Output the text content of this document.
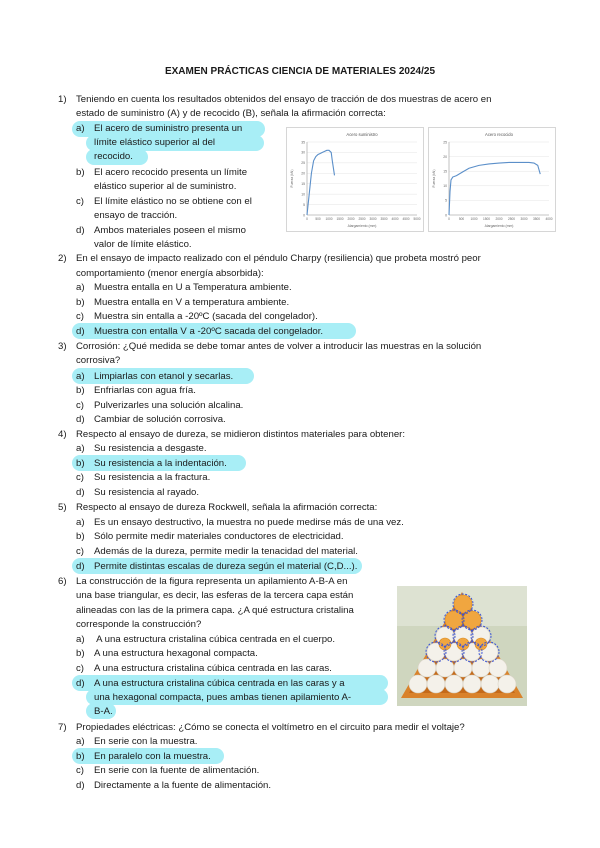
EXAMEN PRÁCTICAS CIENCIA DE MATERIALES 2024/25
1) Teniendo en cuenta los resultados obtenidos del ensayo de tracción de dos muestras de acero en
estado de suministro (A) y de recocido (B), señala la afirmación correcta:
a) El acero de suministro presenta un
límite elástico superior al del
recocido.
b) El acero recocido presenta un límite
elástico superior al de suministro.
c) El límite elástico no se obtiene con el
ensayo de tracción.
d) Ambos materiales poseen el mismo
valor de límite elástico.
Acero suministro
0
5
10
15
20
25
30
35
0 500 1000 1500 2000 2500 3000 3500 4000 4500 5000
Alargamiento (mm)
Fuerza (kN)
Acero recocido
0
5
10
15
20
25
0	500 1000 1500 2000 2500 3000 3500 4000
Alargamiento (mm)
Fuerza (kN)
2) En el ensayo de impacto realizado con el péndulo Charpy (resiliencia) que probeta mostró peor
comportamiento (menor energía absorbida):
a) Muestra entalla en U a Temperatura ambiente.
b) Muestra entalla en V a temperatura ambiente.
c) Muestra sin entalla a -20ºC (sacada del congelador).
d) Muestra con entalla V a -20ºC sacada del congelador.
3) Corrosión: ¿Qué medida se debe tomar antes de volver a introducir las muestras en la solución
corrosiva?
a) Limpiarlas con etanol y secarlas.
b) Enfriarlas con agua fría.
c) Pulverizarles una solución alcalina.
d) Cambiar de solución corrosiva.
4) Respecto al ensayo de dureza, se midieron distintos materiales para obtener:
a) Su resistencia a desgaste.
b) Su resistencia a la indentación.
c) Su resistencia a la fractura.
d) Su resistencia al rayado.
5) Respecto al ensayo de dureza Rockwell, señala la afirmación correcta:
a) Es un ensayo destructivo, la muestra no puede medirse más de una vez.
b) Sólo permite medir materiales conductores de electricidad.
c) Además de la dureza, permite medir la tenacidad del material.
d) Permite distintas escalas de dureza según el material (C,D...).
6) La construcción de la figura representa un apilamiento A-B-A en
una base triangular, es decir, las esferas de la tercera capa están
alineadas con las de la primera capa. ¿A qué estructura cristalina
corresponde la construcción?
a) A una estructura cristalina cúbica centrada en el cuerpo.
b) A una estructura hexagonal compacta.
c) A una estructura cristalina cúbica centrada en las caras.
d) A una estructura cristalina cúbica centrada en las caras y a
una hexagonal compacta, pues ambas tienen apilamiento A-
B-A.
7) Propiedades eléctricas: ¿Cómo se conecta el voltímetro en el circuito para medir el voltaje?
a) En serie con la muestra.
b) En paralelo con la muestra.
c) En serie con la fuente de alimentación.
d) Directamente a la fuente de alimentación.
